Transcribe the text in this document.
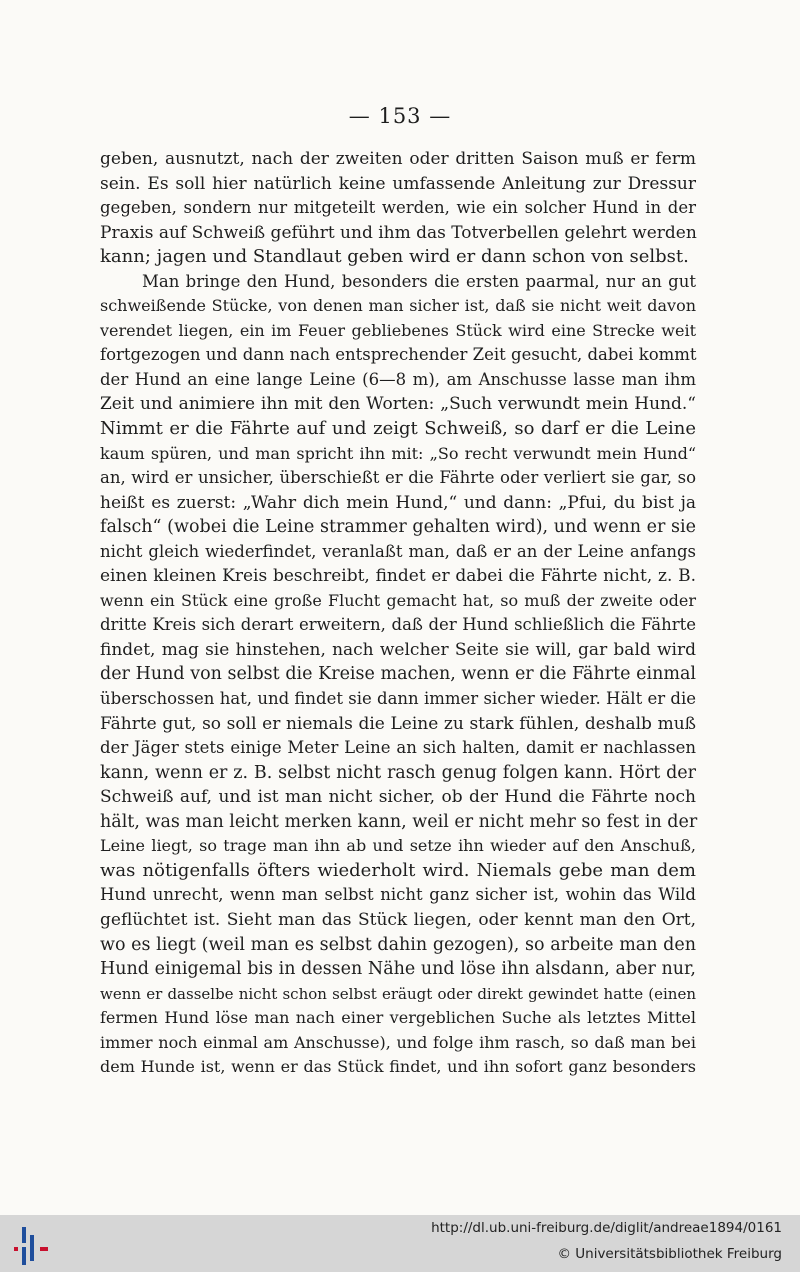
— 153 —
geben, ausnutzt, nach der zweiten oder dritten Saison muß er ferm
sein. Es soll hier natürlich keine umfassende Anleitung zur Dressur
gegeben, sondern nur mitgeteilt werden, wie ein solcher Hund in der
Praxis auf Schweiß geführt und ihm das Totverbellen gelehrt werden
kann; jagen und Standlaut geben wird er dann schon von selbst.
Man bringe den Hund, besonders die ersten paarmal, nur an gut
schweißende Stücke, von denen man sicher ist, daß sie nicht weit davon
verendet liegen, ein im Feuer gebliebenes Stück wird eine Strecke weit
fortgezogen und dann nach entsprechender Zeit gesucht, dabei kommt
der Hund an eine lange Leine (6—8 m), am Anschusse lasse man ihm
Zeit und animiere ihn mit den Worten: „Such verwundt mein Hund.“
Nimmt er die Fährte auf und zeigt Schweiß, so darf er die Leine
kaum spüren, und man spricht ihn mit: „So recht verwundt mein Hund“
an, wird er unsicher, überschießt er die Fährte oder verliert sie gar, so
heißt es zuerst: „Wahr dich mein Hund,“ und dann: „Pfui, du bist ja
falsch“ (wobei die Leine strammer gehalten wird), und wenn er sie
nicht gleich wiederfindet, veranlaßt man, daß er an der Leine anfangs
einen kleinen Kreis beschreibt, findet er dabei die Fährte nicht, z. B.
wenn ein Stück eine große Flucht gemacht hat, so muß der zweite oder
dritte Kreis sich derart erweitern, daß der Hund schließlich die Fährte
findet, mag sie hinstehen, nach welcher Seite sie will, gar bald wird
der Hund von selbst die Kreise machen, wenn er die Fährte einmal
überschossen hat, und findet sie dann immer sicher wieder. Hält er die
Fährte gut, so soll er niemals die Leine zu stark fühlen, deshalb muß
der Jäger stets einige Meter Leine an sich halten, damit er nachlassen
kann, wenn er z. B. selbst nicht rasch genug folgen kann. Hört der
Schweiß auf, und ist man nicht sicher, ob der Hund die Fährte noch
hält, was man leicht merken kann, weil er nicht mehr so fest in der
Leine liegt, so trage man ihn ab und setze ihn wieder auf den Anschuß,
was nötigenfalls öfters wiederholt wird. Niemals gebe man dem
Hund unrecht, wenn man selbst nicht ganz sicher ist, wohin das Wild
geflüchtet ist. Sieht man das Stück liegen, oder kennt man den Ort,
wo es liegt (weil man es selbst dahin gezogen), so arbeite man den
Hund einigemal bis in dessen Nähe und löse ihn alsdann, aber nur,
wenn er dasselbe nicht schon selbst eräugt oder direkt gewindet hatte (einen
fermen Hund löse man nach einer vergeblichen Suche als letztes Mittel
immer noch einmal am Anschusse), und folge ihm rasch, so daß man bei
dem Hunde ist, wenn er das Stück findet, und ihn sofort ganz besonders
http://dl.ub.uni-freiburg.de/diglit/andreae1894/0161
© Universitätsbibliothek Freiburg
